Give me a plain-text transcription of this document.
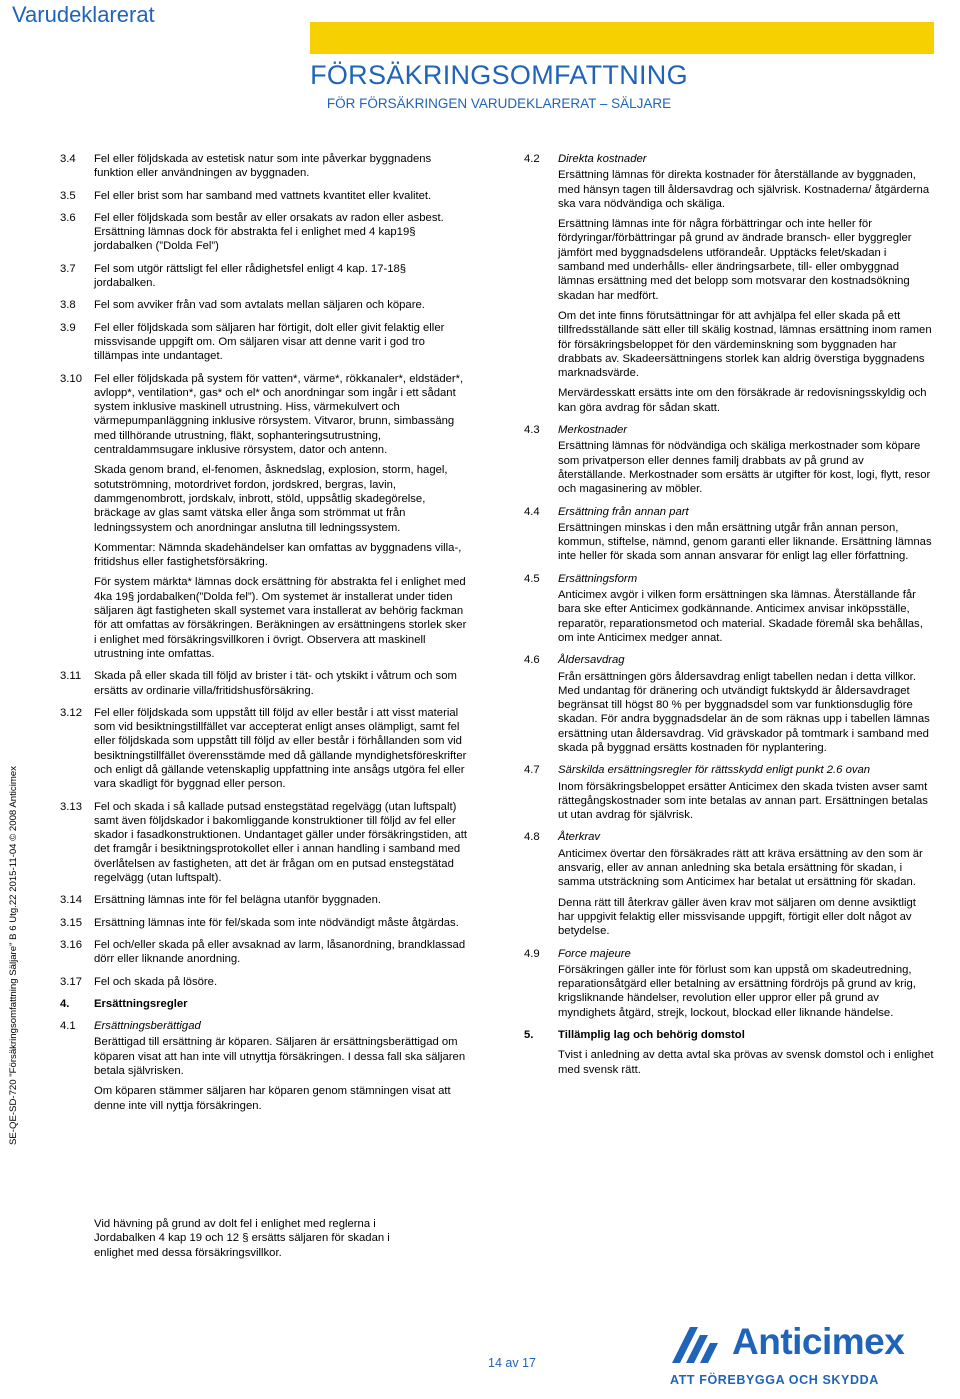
Varudeklarerat
FÖRSÄKRINGSOMFATTNING
FÖR FÖRSÄKRINGEN VARUDEKLARERAT – SÄLJARE
3.4 Fel eller följdskada av estetisk natur som inte påverkar byggnadens funktion eller användningen av byggnaden.

3.5 Fel eller brist som har samband med vattnets kvantitet eller kvalitet.

3.6 Fel eller följdskada som består av eller orsakats av radon eller asbest. Ersättning lämnas dock för abstrakta fel i enlighet med 4 kap19§ jordabalken (”Dolda Fel”)

3.7 Fel som utgör rättsligt fel eller rådighetsfel enligt 4 kap. 17-18§ jordabalken.

3.8 Fel som avviker från vad som avtalats mellan säljaren och köpare.

3.9 Fel eller följdskada som säljaren har förtigit, dolt eller givit felaktig eller missvisande uppgift om. Om säljaren visar att denne varit i god tro tillämpas inte undantaget.

3.10 Fel eller följdskada på system för vatten*, värme*, rökkanaler*, eldstäder*, avlopp*, ventilation*, gas* och el* och anordningar som ingår i ett sådant system inklusive maskinell utrustning. Hiss, värmekulvert och värmepumpanläggning inklusive rörsystem. Vitvaror, brunn, simbassäng med tillhörande utrustning, fläkt, sophanteringsutrustning, centraldammsugare inklusive rörsystem, dator och antenn.

Skada genom brand, el-fenomen, åsknedslag, explosion, storm, hagel, sotutströmning, motordrivet fordon, jordskred, bergras, lavin, dammgenombrott, jordskalv, inbrott, stöld, uppsåtlig skadegörelse, bräckage av glas samt vätska eller ånga som strömmat ut från ledningssystem och anordningar anslutna till ledningssystem.

Kommentar: Nämnda skadehändelser kan omfattas av byggnadens villa-, fritidshus eller fastighetsförsäkring.

För system märkta* lämnas dock ersättning för abstrakta fel i enlighet med 4ka 19§ jordabalken(”Dolda fel”). Om systemet är installerat under tiden säljaren ägt fastigheten skall systemet vara installerat av behörig fackman för att omfattas av försäkringen. Beräkningen av ersättningens storlek sker i enlighet med försäkringsvillkoren i övrigt. Observera att maskinell utrustning inte omfattas.

3.11 Skada på eller skada till följd av brister i tät- och ytskikt i våtrum och som ersätts av ordinarie villa/fritidshusförsäkring.

3.12 Fel eller följdskada som uppstått till följd av eller består i att visst material som vid besiktningstillfället var accepterat enligt anses olämpligt, samt fel eller följdskada som uppstått till följd av eller består i förhållanden som vid besiktningstillfället överensstämde med då gällande myndighetsföreskrifter och enligt då gällande vetenskaplig uppfattning inte ansågs utgöra fel eller vara skadligt för byggnad eller person.

3.13 Fel och skada i så kallade putsad enstegstätad regelvägg (utan luftspalt) samt även följdskador i bakomliggande konstruktioner till följd av fel eller skador i fasadkonstruktionen. Undantaget gäller under försäkringstiden, att det framgår i besiktningsprotokollet eller i annan handling i samband med överlåtelsen av fastigheten, att det är frågan om en putsad enstegstätad regelvägg (utan luftspalt).

3.14 Ersättning lämnas inte för fel belägna utanför byggnaden.

3.15 Ersättning lämnas inte för fel/skada som inte nödvändigt måste åtgärdas.

3.16 Fel och/eller skada på eller avsaknad av larm, låsanordning, brandklassad dörr eller liknande anordning.

3.17 Fel och skada på lösöre.

4. Ersättningsregler

4.1 Ersättningsberättigad

Berättigad till ersättning är köparen. Säljaren är ersättningsberättigad om köparen visat att han inte vill utnyttja försäkringen. I dessa fall ska säljaren betala självrisken.

Om köparen stämmer säljaren har köparen genom stämningen visat att denne inte vill nyttja försäkringen.

4.2 Direkta kostnader

Ersättning lämnas för direkta kostnader för återställande av byggnaden, med hänsyn tagen till åldersavdrag och självrisk. Kostnaderna/ åtgärderna ska vara nödvändiga och skäliga.

Ersättning lämnas inte för några förbättringar och inte heller för fördyringar/förbättringar på grund av ändrade bransch- eller byggregler jämfört med byggnadsdelens utförandeår. Upptäcks felet/skadan i samband med underhålls- eller ändringsarbete, till- eller ombyggnad lämnas ersättning med det belopp som motsvarar den kostnadsökning skadan har medfört.

Om det inte finns förutsättningar för att avhjälpa fel eller skada på ett tillfredsställande sätt eller till skälig kostnad, lämnas ersättning inom ramen för försäkringsbeloppet för den värdeminskning som byggnaden har drabbats av. Skadeersättningens storlek kan aldrig överstiga byggnadens marknadsvärde.

Mervärdesskatt ersätts inte om den försäkrade är redovisningsskyldig och kan göra avdrag för sådan skatt.

4.3 Merkostnader

Ersättning lämnas för nödvändiga och skäliga merkostnader som köpare som privatperson eller dennes familj drabbats av på grund av återställande. Merkostnader som ersätts är utgifter för kost, logi, flytt, resor och magasinering av möbler.

4.4 Ersättning från annan part

Ersättningen minskas i den mån ersättning utgår från annan person, kommun, stiftelse, nämnd, genom garanti eller liknande. Ersättning lämnas inte heller för skada som annan ansvarar för enligt lag eller författning.

4.5 Ersättningsform

Anticimex avgör i vilken form ersättningen ska lämnas. Återställande får bara ske efter Anticimex godkännande. Anticimex anvisar inköpsställe, reparatör, reparationsmetod och material. Skadade föremål ska behållas, om inte Anticimex medger annat.

4.6 Åldersavdrag

Från ersättningen görs åldersavdrag enligt tabellen nedan i detta villkor. Med undantag för dränering och utvändigt fuktskydd är åldersavdraget begränsat till högst 80 % per byggnadsdel som var funktionsduglig före skadan. För andra byggnadsdelar än de som räknas upp i tabellen lämnas ersättning utan åldersavdrag. Vid grävskador på tomtmark i samband med skada på byggnad ersätts kostnaden för nyplantering.

4.7 Särskilda ersättningsregler för rättsskydd enligt punkt 2.6 ovan

Inom försäkringsbeloppet ersätter Anticimex den skada tvisten avser samt rättegångskostnader som inte betalas av annan part. Ersättningen betalas ut utan avdrag för självrisk.

4.8 Återkrav

Anticimex övertar den försäkrades rätt att kräva ersättning av den som är ansvarig, eller av annan anledning ska betala ersättning för skadan, i samma utsträckning som Anticimex har betalat ut ersättning för skadan.

Denna rätt till återkrav gäller även krav mot säljaren om denne avsiktligt har uppgivit felaktig eller missvisande uppgift, förtigit eller dolt något av betydelse.

4.9 Force majeure

Försäkringen gäller inte för förlust som kan uppstå om skadeutredning, reparationsåtgärd eller betalning av ersättning fördröjs på grund av krig, krigsliknande händelser, revolution eller uppror eller på grund av myndighets åtgärd, strejk, lockout, blockad eller liknande händelse.

5. Tillämplig lag och behörig domstol

Tvist i anledning av detta avtal ska prövas av svensk domstol och i enlighet med svensk rätt.

Vid hävning på grund av dolt fel i enlighet med reglerna i Jordabalken 4 kap 19 och 12 § ersätts säljaren för skadan i enlighet med dessa försäkringsvillkor.
SE-QE-SD-720 "Försäkringsomfattning Säljare" B 6 Utg.22 2015-11-04 © 2008 Anticimex
14 av 17
Anticimex
ATT FÖREBYGGA OCH SKYDDA
